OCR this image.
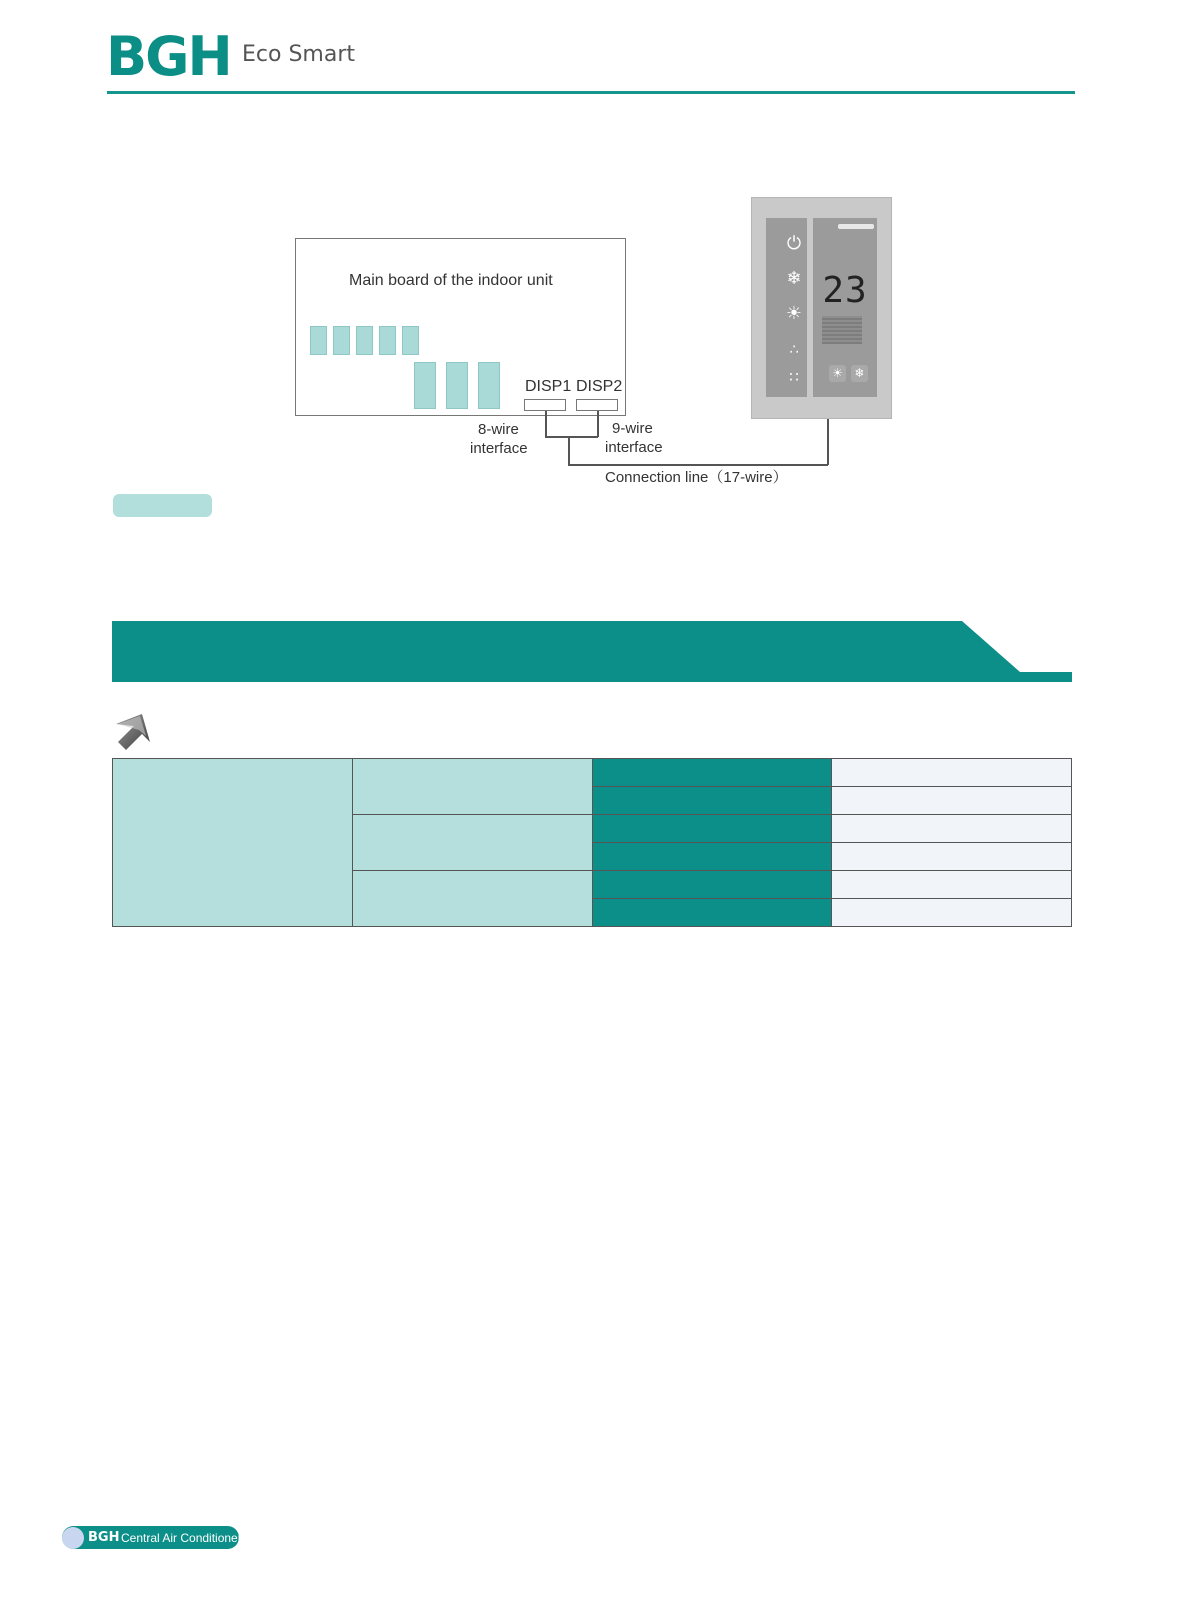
BGH Eco Smart
Main board of the indoor unit
DISP1 DISP2
8-wire
interface
9-wire
interface
Connection line（17-wire）
⏻
❄
☀
∴
∷
23
☀ ❄

BGH Central Air Conditioners
